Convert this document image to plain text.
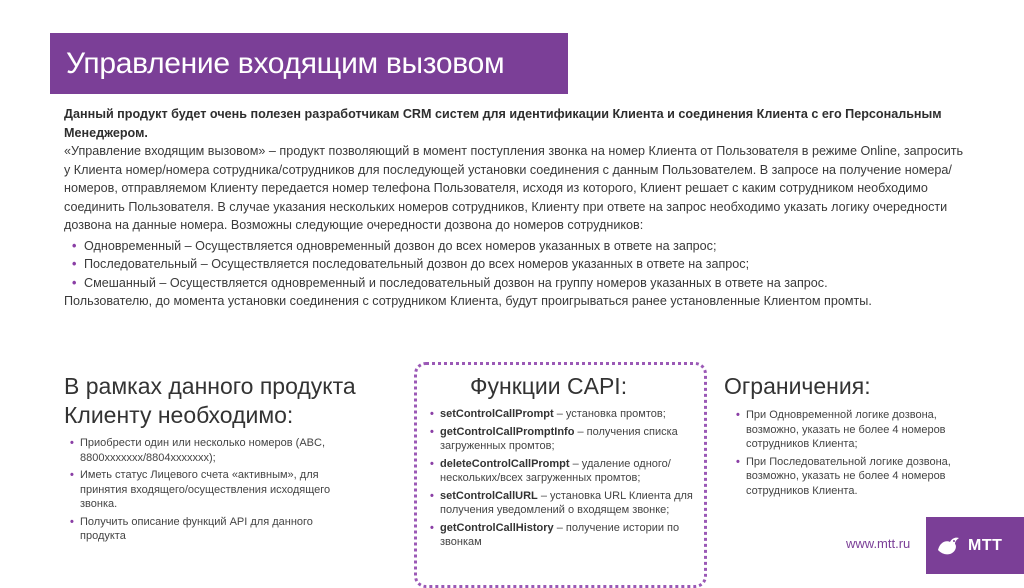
Управление входящим вызовом

Данный продукт будет очень полезен разработчикам CRM систем для идентификации Клиента и соединения Клиента с его Персональным Менеджером.

«Управление входящим вызовом» – продукт позволяющий в момент поступления звонка на номер Клиента от Пользователя в режиме Online, запросить у Клиента номер/номера сотрудника/сотрудников для последующей установки соединения с данным Пользователем. В запросе на получение номера/номеров, отправляемом Клиенту передается номер телефона Пользователя, исходя из которого, Клиент решает с каким сотрудником необходимо соединить Пользователя. В случае указания нескольких номеров сотрудников, Клиенту при ответе на запрос необходимо указать логику очередности дозвона на данные номера. Возможны следующие очередности дозвона до номеров сотрудников:

• Одновременный – Осуществляется одновременный дозвон до всех номеров указанных в ответе на запрос;
• Последовательный – Осуществляется последовательный дозвон до всех номеров указанных в ответе на запрос;
• Смешанный – Осуществляется одновременный и последовательный дозвон на группу номеров указанных в ответе на запрос.

Пользователю, до момента установки соединения с сотрудником Клиента, будут проигрываться ранее установленные Клиентом промты.

В рамках данного продукта Клиенту необходимо:
• Приобрести один или несколько номеров (ABC, 8800xxxxxxx/8804xxxxxxx);
• Иметь статус Лицевого счета «активным», для принятия входящего/осуществления исходящего звонка.
• Получить описание функций API для данного продукта
Функции CAPI:
• setControlCallPrompt – установка промтов;
• getControlCallPromptInfo – получения списка загруженных промтов;
• deleteControlCallPrompt – удаление одного/нескольких/всех загруженных промтов;
• setControlCallURL – установка URL Клиента для получения уведомлений о входящем звонке;
• getControlCallHistory – получение истории по звонкам
Ограничения:
• При Одновременной логике дозвона, возможно, указать не более 4 номеров сотрудников Клиента;
• При Последовательной логике дозвона, возможно, указать не более 4 номеров сотрудников Клиента.
www.mtt.ru	МТТ
